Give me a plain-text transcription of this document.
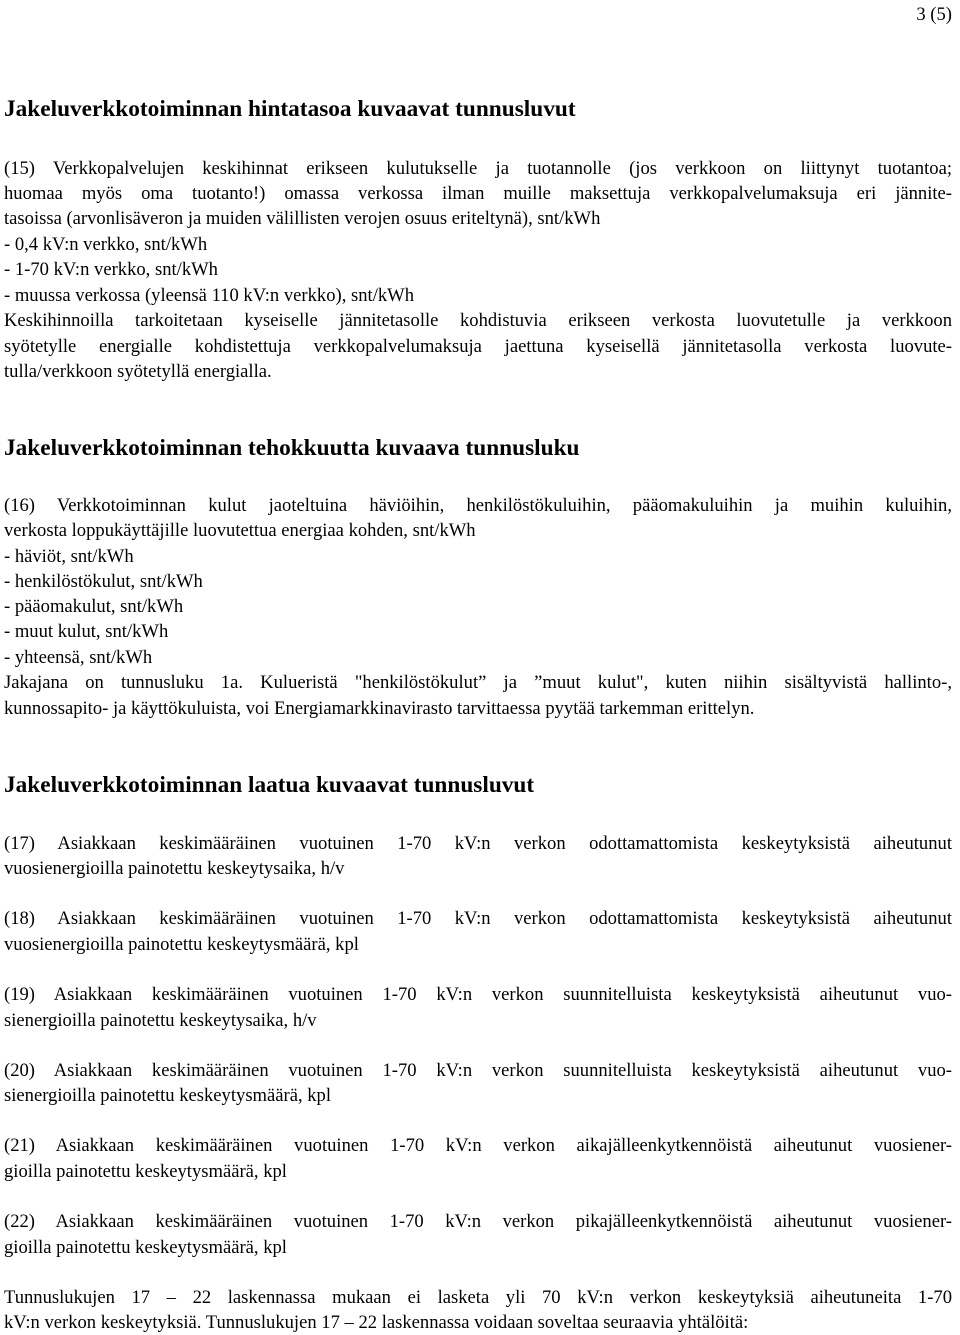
3 (5)
Jakeluverkkotoiminnan hintatasoa kuvaavat tunnusluvut
(15) Verkkopalvelujen keskihinnat erikseen kulutukselle ja tuotannolle (jos verkkoon on liittynyt tuotantoa;
huomaa myös oma tuotanto!) omassa verkossa ilman muille maksettuja verkkopalvelumaksuja eri jännite-
tasoissa (arvonlisäveron ja muiden välillisten verojen osuus eriteltynä), snt/kWh
- 0,4 kV:n verkko, snt/kWh
- 1-70 kV:n verkko, snt/kWh
- muussa verkossa (yleensä 110 kV:n verkko), snt/kWh
Keskihinnoilla tarkoitetaan kyseiselle jännitetasolle kohdistuvia erikseen verkosta luovutetulle ja verkkoon
syötetylle energialle kohdistettuja verkkopalvelumaksuja jaettuna kyseisellä jännitetasolla verkosta luovute-
tulla/verkkoon syötetyllä energialla.
Jakeluverkkotoiminnan tehokkuutta kuvaava tunnusluku
(16) Verkkotoiminnan kulut jaoteltuina häviöihin, henkilöstökuluihin, pääomakuluihin ja muihin kuluihin,
verkosta loppukäyttäjille luovutettua energiaa kohden, snt/kWh
- häviöt, snt/kWh
- henkilöstökulut, snt/kWh
- pääomakulut, snt/kWh
- muut kulut, snt/kWh
- yhteensä, snt/kWh
Jakajana on tunnusluku 1a. Kulueristä "henkilöstökulut” ja ”muut kulut", kuten niihin sisältyvistä hallinto-,
kunnossapito- ja käyttökuluista, voi Energiamarkkinavirasto tarvittaessa pyytää tarkemman erittelyn.
Jakeluverkkotoiminnan laatua kuvaavat tunnusluvut
(17) Asiakkaan keskimääräinen vuotuinen 1-70 kV:n verkon odottamattomista keskeytyksistä aiheutunut
vuosienergioilla painotettu keskeytysaika, h/v
(18) Asiakkaan keskimääräinen vuotuinen 1-70 kV:n verkon odottamattomista keskeytyksistä aiheutunut
vuosienergioilla painotettu keskeytysmäärä, kpl
(19) Asiakkaan keskimääräinen vuotuinen 1-70 kV:n verkon suunnitelluista keskeytyksistä aiheutunut vuo-
sienergioilla painotettu keskeytysaika, h/v
(20) Asiakkaan keskimääräinen vuotuinen 1-70 kV:n verkon suunnitelluista keskeytyksistä aiheutunut vuo-
sienergioilla painotettu keskeytysmäärä, kpl
(21) Asiakkaan keskimääräinen vuotuinen 1-70 kV:n verkon aikajälleenkytkennöistä aiheutunut vuosiener-
gioilla painotettu keskeytysmäärä, kpl
(22) Asiakkaan keskimääräinen vuotuinen 1-70 kV:n verkon pikajälleenkytkennöistä aiheutunut vuosiener-
gioilla painotettu keskeytysmäärä, kpl
Tunnuslukujen 17 – 22 laskennassa mukaan ei lasketa yli 70 kV:n verkon keskeytyksiä aiheutuneita 1-70
kV:n verkon keskeytyksiä. Tunnuslukujen 17 – 22 laskennassa voidaan soveltaa seuraavia yhtälöitä:
